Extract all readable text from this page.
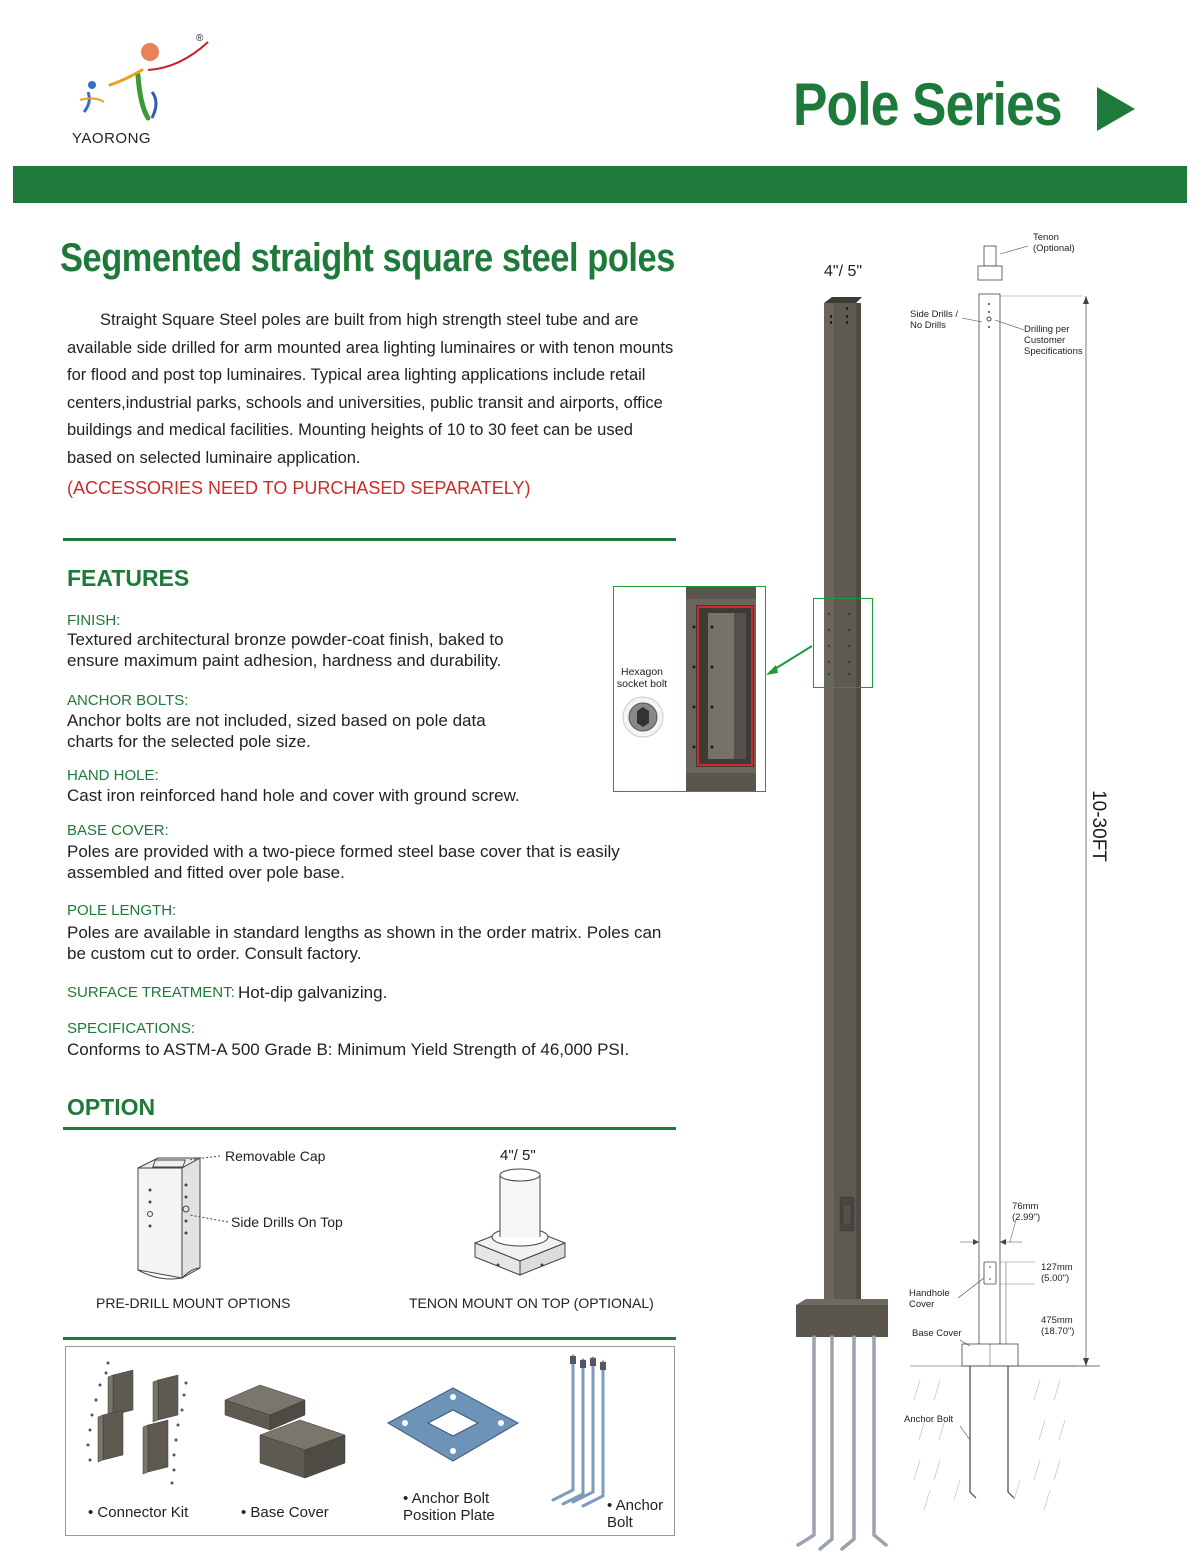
®
YAORONG
Pole Series
Segmented straight square steel poles

Straight Square Steel poles are built from high strength steel tube and are available side drilled for arm mounted area lighting luminaires or with tenon mounts for flood and post top luminaires. Typical area lighting applications include retail centers,industrial parks, schools and universities, public transit and airports, office buildings and medical facilities. Mounting heights of 10 to 30 feet can be used based on selected luminaire application.

(ACCESSORIES NEED TO PURCHASED SEPARATELY)
FEATURES
FINISH:
Textured architectural bronze powder-coat finish, baked to ensure maximum paint adhesion, hardness and durability.
ANCHOR BOLTS:
Anchor bolts are not included, sized based on pole data charts for the selected pole size.
HAND HOLE:
Cast iron reinforced hand hole and cover with ground screw.
BASE COVER:
Poles are provided with a two-piece formed steel base cover that is easily assembled and fitted over pole base.
POLE LENGTH:
Poles are available in standard lengths as shown in the order matrix. Poles can be custom cut to order. Consult factory.
SURFACE TREATMENT: Hot-dip galvanizing.
SPECIFICATIONS:
Conforms to ASTM-A 500 Grade B: Minimum Yield Strength of 46,000 PSI.
OPTION
Removable Cap
Side Drills On Top
PRE-DRILL MOUNT OPTIONS
4"/ 5"
TENON MOUNT ON TOP (OPTIONAL)
• Connector Kit	• Base Cover
• Anchor Bolt Position Plate
• Anchor Bolt
4"/ 5"
Hexagon socket bolt
Tenon (Optional)
Side Drills / No Drills	Drilling per Customer Specifications
10-30FT
76mm (2.99")
127mm (5.00")
475mm (18.70")
Handhole Cover
Base Cover
Anchor Bolt
